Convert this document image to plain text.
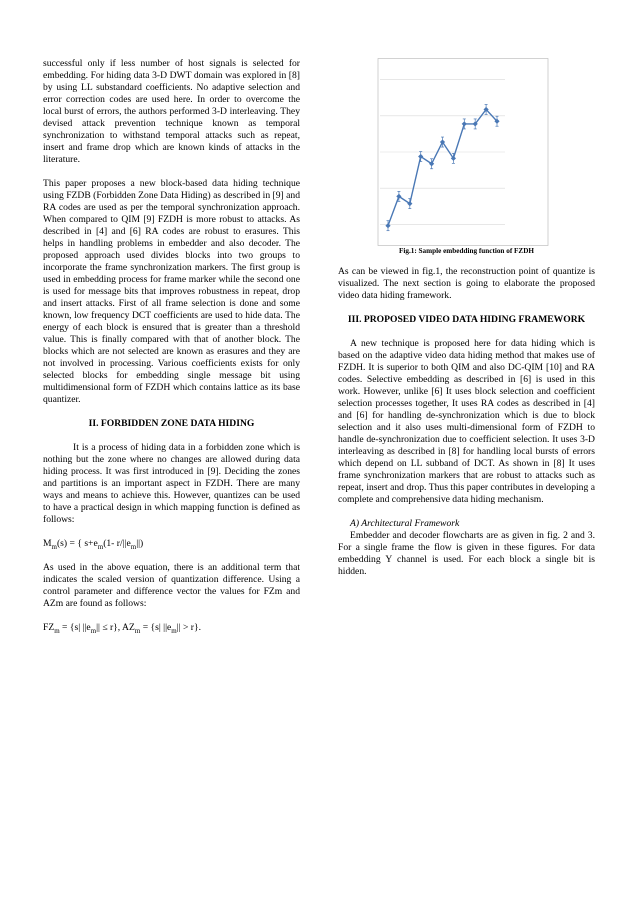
successful only if less number of host signals is selected for embedding. For hiding data 3-D DWT domain was explored in [8] by using LL substandard coefficients. No adaptive selection and error correction codes are used here. In order to overcome the local burst of errors, the authors performed 3-D interleaving. They devised attack prevention technique known as temporal synchronization to withstand temporal attacks such as repeat, insert and frame drop which are known kinds of attacks in the literature.

This paper proposes a new block-based data hiding technique using FZDB (Forbidden Zone Data Hiding) as described in [9] and RA codes are used as per the temporal synchronization approach. When compared to QIM [9] FZDH is more robust to attacks. As described in [4] and [6] RA codes are robust to erasures. This helps in handling problems in embedder and also decoder. The proposed approach used divides blocks into two groups to incorporate the frame synchronization markers. The first group is used in embedding process for frame marker while the second one is used for message bits that improves robustness in repeat, drop and insert attacks. First of all frame selection is done and some known, low frequency DCT coefficients are used to hide data. The energy of each block is ensured that is greater than a threshold value. This is finally compared with that of another block. The blocks which are not selected are known as erasures and they are not involved in processing. Various coefficients exists for only selected blocks for embedding single message bit using multidimensional form of FZDH which contains lattice as its base quantizer.

II. FORBIDDEN ZONE DATA HIDING

It is a process of hiding data in a forbidden zone which is nothing but the zone where no changes are allowed during data hiding process. It was first introduced in [9]. Deciding the zones and partitions is an important aspect in FZDH. There are many ways and means to achieve this. However, quantizes can be used to have a practical design in which mapping function is defined as follows:

$M_m(s)$ = { $s+e_m(1-$ $r/||e_m||$)

As used in the above equation, there is an additional term that indicates the scaled version of quantization difference. Using a control parameter and difference vector the values for FZm and AZm are found as follows:

$FZ_m = \{s|$ $||e_m|| \le r$}, $AZ_m = \{s|$ $||e_m|| > r$}.

Fig.1: Sample embedding function of FZDH

As can be viewed in fig.1, the reconstruction point of quantize is visualized. The next section is going to elaborate the proposed video data hiding framework.

III. PROPOSED VIDEO DATA HIDING FRAMEWORK

A new technique is proposed here for data hiding which is based on the adaptive video data hiding method that makes use of FZDH. It is superior to both QIM and also DC-QIM [10] and RA codes. Selective embedding as described in [6] is used in this work. However, unlike [6] It uses block selection and coefficient selection processes together, It uses RA codes as described in [4] and [6] for handling de-synchronization which is due to block selection and it also uses multi-dimensional form of FZDH to handle de-synchronization due to coefficient selection. It uses 3-D interleaving as described in [8] for handling local bursts of errors which depend on LL subband of DCT. As shown in [8] It uses frame synchronization markers that are robust to attacks such as repeat, insert and drop. Thus this paper contributes in developing a complete and comprehensive data hiding mechanism.

A) Architectural Framework

Embedder and decoder flowcharts are as given in fig. 2 and 3. For a single frame the flow is given in these figures. For data embedding Y channel is used. For each block a single bit is hidden.
